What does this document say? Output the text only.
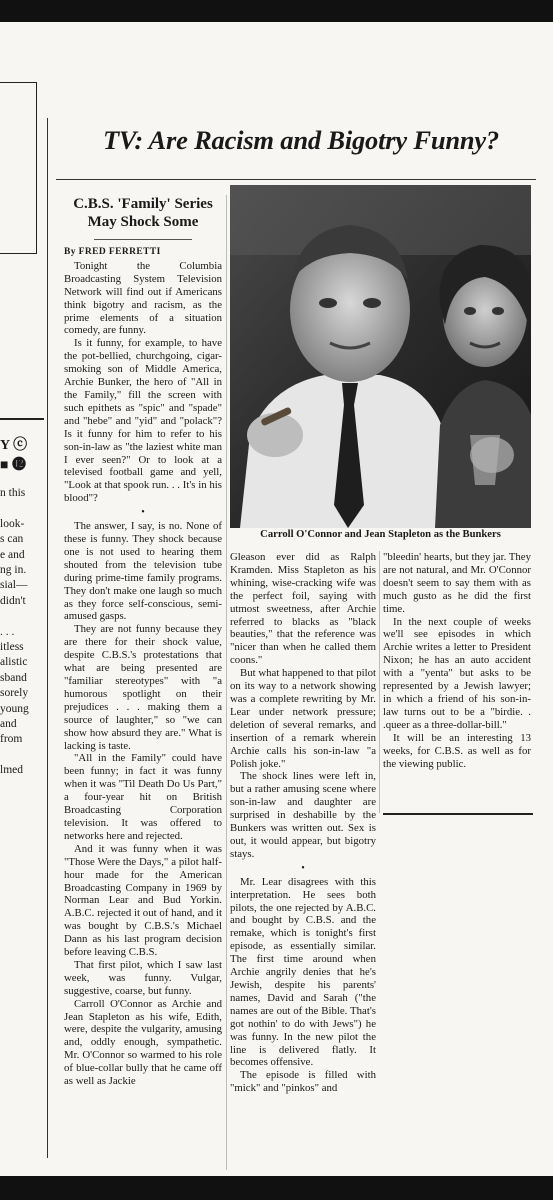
Y ⓒ
■ ⓬
n this
look-
s can
e and
ng in.
sial—
didn't
. . .
itless
alistic
sband
sorely
young
and
from
lmed
TV: Are Racism and Bigotry Funny?
C.B.S. 'Family' Series
May Shock Some
By FRED FERRETTI

Tonight the Columbia Broadcasting System Television Network will find out if Americans think bigotry and racism, as the prime elements of a situation comedy, are funny.

Is it funny, for example, to have the pot-bellied, churchgoing, cigar-smoking son of Middle America, Archie Bunker, the hero of "All in the Family," fill the screen with such epithets as "spic" and "spade" and "hebe" and "yid" and "polack"? Is it funny for him to refer to his son-in-law as "the laziest white man I ever seen?" Or to look at a televised football game and yell, "Look at that spook run. . . It's in his blood"?

•

The answer, I say, is no. None of these is funny. They shock because one is not used to hearing them shouted from the television tube during prime-time family programs. They don't make one laugh so much as they force self-conscious, semi-amused gasps.

They are not funny because they are there for their shock value, despite C.B.S.'s protestations that what are being presented are "familiar stereotypes" with "a humorous spotlight on their prejudices . . . making them a source of laughter," so "we can show how absurd they are." What is lacking is taste.

"All in the Family" could have been funny; in fact it was funny when it was "Til Death Do Us Part," a four-year hit on British Broadcasting Corporation television. It was offered to networks here and rejected.

And it was funny when it was "Those Were the Days," a pilot half-hour made for the American Broadcasting Company in 1969 by Norman Lear and Bud Yorkin. A.B.C. rejected it out of hand, and it was bought by C.B.S.'s Michael Dann as his last program decision before leaving C.B.S.

That first pilot, which I saw last week, was funny. Vulgar, suggestive, coarse, but funny.

Carroll O'Connor as Archie and Jean Stapleton as his wife, Edith, were, despite the vulgarity, amusing and, oddly enough, sympathetic. Mr. O'Connor so warmed to his role of blue-collar bully that he came off as well as Jackie

Carroll O'Connor and Jean Stapleton as the Bunkers

Gleason ever did as Ralph Kramden. Miss Stapleton as his whining, wise-cracking wife was the perfect foil, saying with utmost sweetness, after Archie referred to blacks as "black beauties," that the reference was "nicer than when he called them coons."

But what happened to that pilot on its way to a network showing was a complete rewriting by Mr. Lear under network pressure; deletion of several remarks, and insertion of a remark wherein Archie calls his son-in-law "a Polish joke."

The shock lines were left in, but a rather amusing scene where son-in-law and daughter are surprised in deshabille by the Bunkers was written out. Sex is out, it would appear, but bigotry stays.

•

Mr. Lear disagrees with this interpretation. He sees both pilots, the one rejected by A.B.C. and bought by C.B.S. and the remake, which is tonight's first episode, as essentially similar. The first time around when Archie angrily denies that he's Jewish, despite his parents' names, David and Sarah ("the names are out of the Bible. That's got nothin' to do with Jews") he was funny. In the new pilot the line is delivered flatly. It becomes offensive.

The episode is filled with "mick" and "pinkos" and

"bleedin' hearts, but they jar. They are not natural, and Mr. O'Connor doesn't seem to say them with as much gusto as he did the first time.

In the next couple of weeks we'll see episodes in which Archie writes a letter to President Nixon; he has an auto accident with a "yenta" but asks to be represented by a Jewish lawyer; in which a friend of his son-in-law turns out to be a "birdie. . .queer as a three-dollar-bill."

It will be an interesting 13 weeks, for C.B.S. as well as for the viewing public.
